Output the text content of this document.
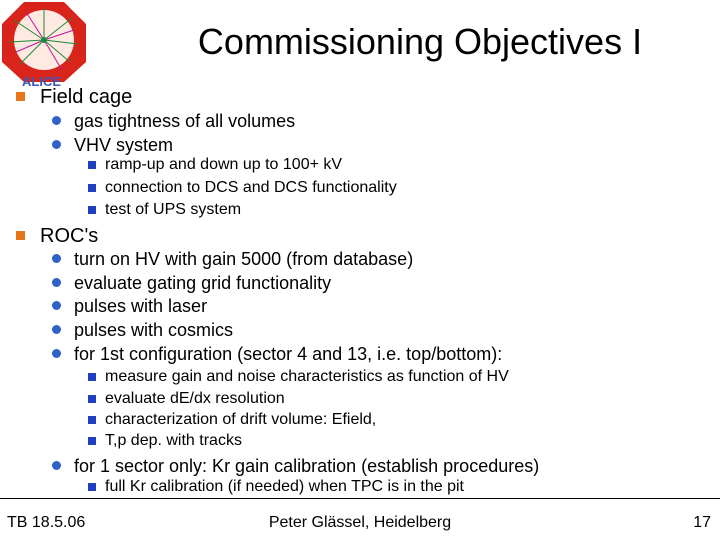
ALICE
Commissioning Objectives I
Field cage
gas tightness of all volumes
VHV system
ramp-up and down up to 100+ kV
connection to DCS and DCS functionality
test of UPS system
ROC's
turn on HV with gain 5000 (from database)
evaluate gating grid functionality
pulses with laser
pulses with cosmics
for 1st configuration (sector 4 and 13, i.e. top/bottom):
measure gain and noise characteristics as function of HV
evaluate dE/dx resolution
characterization of drift volume: Efield,
T,p dep. with tracks
for 1 sector only: Kr gain calibration (establish procedures)
full Kr calibration (if needed) when TPC is in the pit
TB 18.5.06	Peter Glässel, Heidelberg	17
